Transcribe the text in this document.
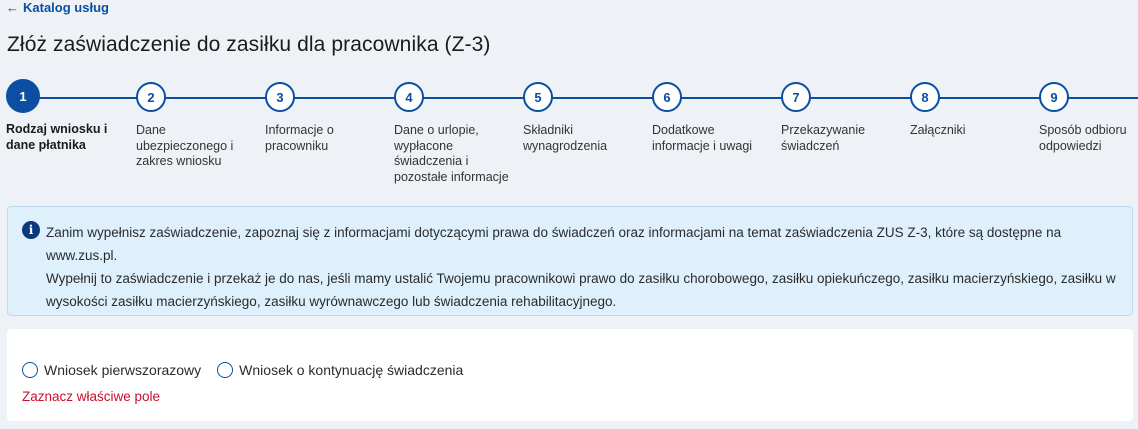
← Katalog usług
Złóż zaświadczenie do zasiłku dla pracownika (Z-3)
1
Rodzaj wniosku i dane płatnika
2
Dane ubezpieczonego i zakres wniosku
3
Informacje o pracowniku
4
Dane o urlopie, wypłacone świadczenia i pozostałe informacje
5
Składniki wynagrodzenia
6
Dodatkowe informacje i uwagi
7
Przekazywanie świadczeń
8
Załączniki
9
Sposób odbioru odpowiedzi
i Zanim wypełnisz zaświadczenie, zapoznaj się z informacjami dotyczącymi prawa do świadczeń oraz informacjami na temat zaświadczenia ZUS Z-3, które są dostępne na www.zus.pl.

Wypełnij to zaświadczenie i przekaż je do nas, jeśli mamy ustalić Twojemu pracownikowi prawo do zasiłku chorobowego, zasiłku opiekuńczego, zasiłku macierzyńskiego, zasiłku w wysokości zasiłku macierzyńskiego, zasiłku wyrównawczego lub świadczenia rehabilitacyjnego.

Wniosek pierwszorazowy	Wniosek o kontynuację świadczenia
Zaznacz właściwe pole
